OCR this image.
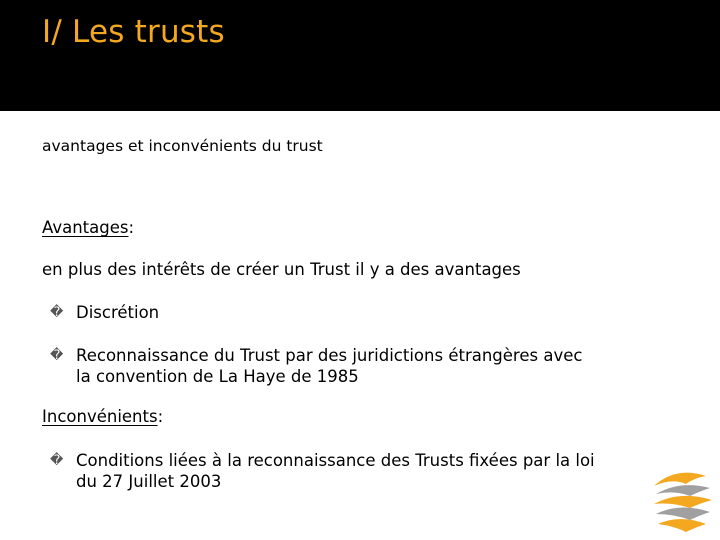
I/ Les trusts
avantages et inconvénients du trust
Avantages:
en plus des intérêts de créer un Trust il y a des avantages
� Discrétion
� Reconnaissance du Trust par des juridictions étrangères avec la convention de La Haye de 1985
Inconvénients:
� Conditions liées à la reconnaissance des Trusts fixées par la loi du 27 Juillet 2003
